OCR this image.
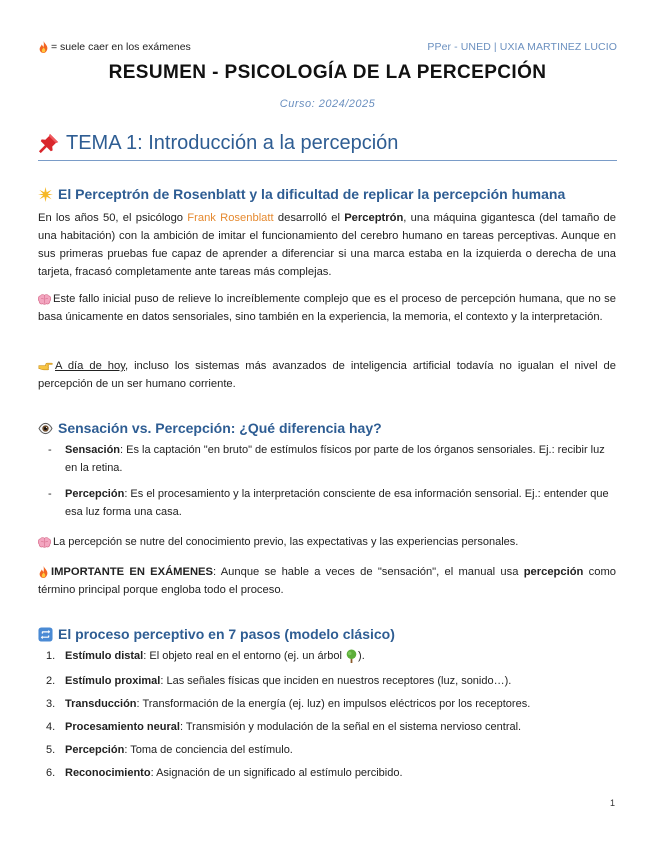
= suele caer en los exámenes	PPer - UNED | UXIA MARTINEZ LUCIO
RESUMEN - PSICOLOGÍA DE LA PERCEPCIÓN
Curso: 2024/2025
TEMA 1: Introducción a la percepción
El Perceptrón de Rosenblatt y la dificultad de replicar la percepción humana
En los años 50, el psicólogo Frank Rosenblatt desarrolló el Perceptrón, una máquina gigantesca (del tamaño de una habitación) con la ambición de imitar el funcionamiento del cerebro humano en tareas perceptivas. Aunque en sus primeras pruebas fue capaz de aprender a diferenciar si una marca estaba en la izquierda o derecha de una tarjeta, fracasó completamente ante tareas más complejas.
Este fallo inicial puso de relieve lo increíblemente complejo que es el proceso de percepción humana, que no se basa únicamente en datos sensoriales, sino también en la experiencia, la memoria, el contexto y la interpretación.
A día de hoy, incluso los sistemas más avanzados de inteligencia artificial todavía no igualan el nivel de percepción de un ser humano corriente.
Sensación vs. Percepción: ¿Qué diferencia hay?
- Sensación: Es la captación "en bruto" de estímulos físicos por parte de los órganos sensoriales. Ej.: recibir luz en la retina.
- Percepción: Es el procesamiento y la interpretación consciente de esa información sensorial. Ej.: entender que esa luz forma una casa.
La percepción se nutre del conocimiento previo, las expectativas y las experiencias personales.
IMPORTANTE EN EXÁMENES: Aunque se hable a veces de "sensación", el manual usa percepción como término principal porque engloba todo el proceso.
El proceso perceptivo en 7 pasos (modelo clásico)
1. Estímulo distal: El objeto real en el entorno (ej. un árbol ).
2. Estímulo proximal: Las señales físicas que inciden en nuestros receptores (luz, sonido…).
3. Transducción: Transformación de la energía (ej. luz) en impulsos eléctricos por los receptores.
4. Procesamiento neural: Transmisión y modulación de la señal en el sistema nervioso central.
5. Percepción: Toma de conciencia del estímulo.
6. Reconocimiento: Asignación de un significado al estímulo percibido.
1
